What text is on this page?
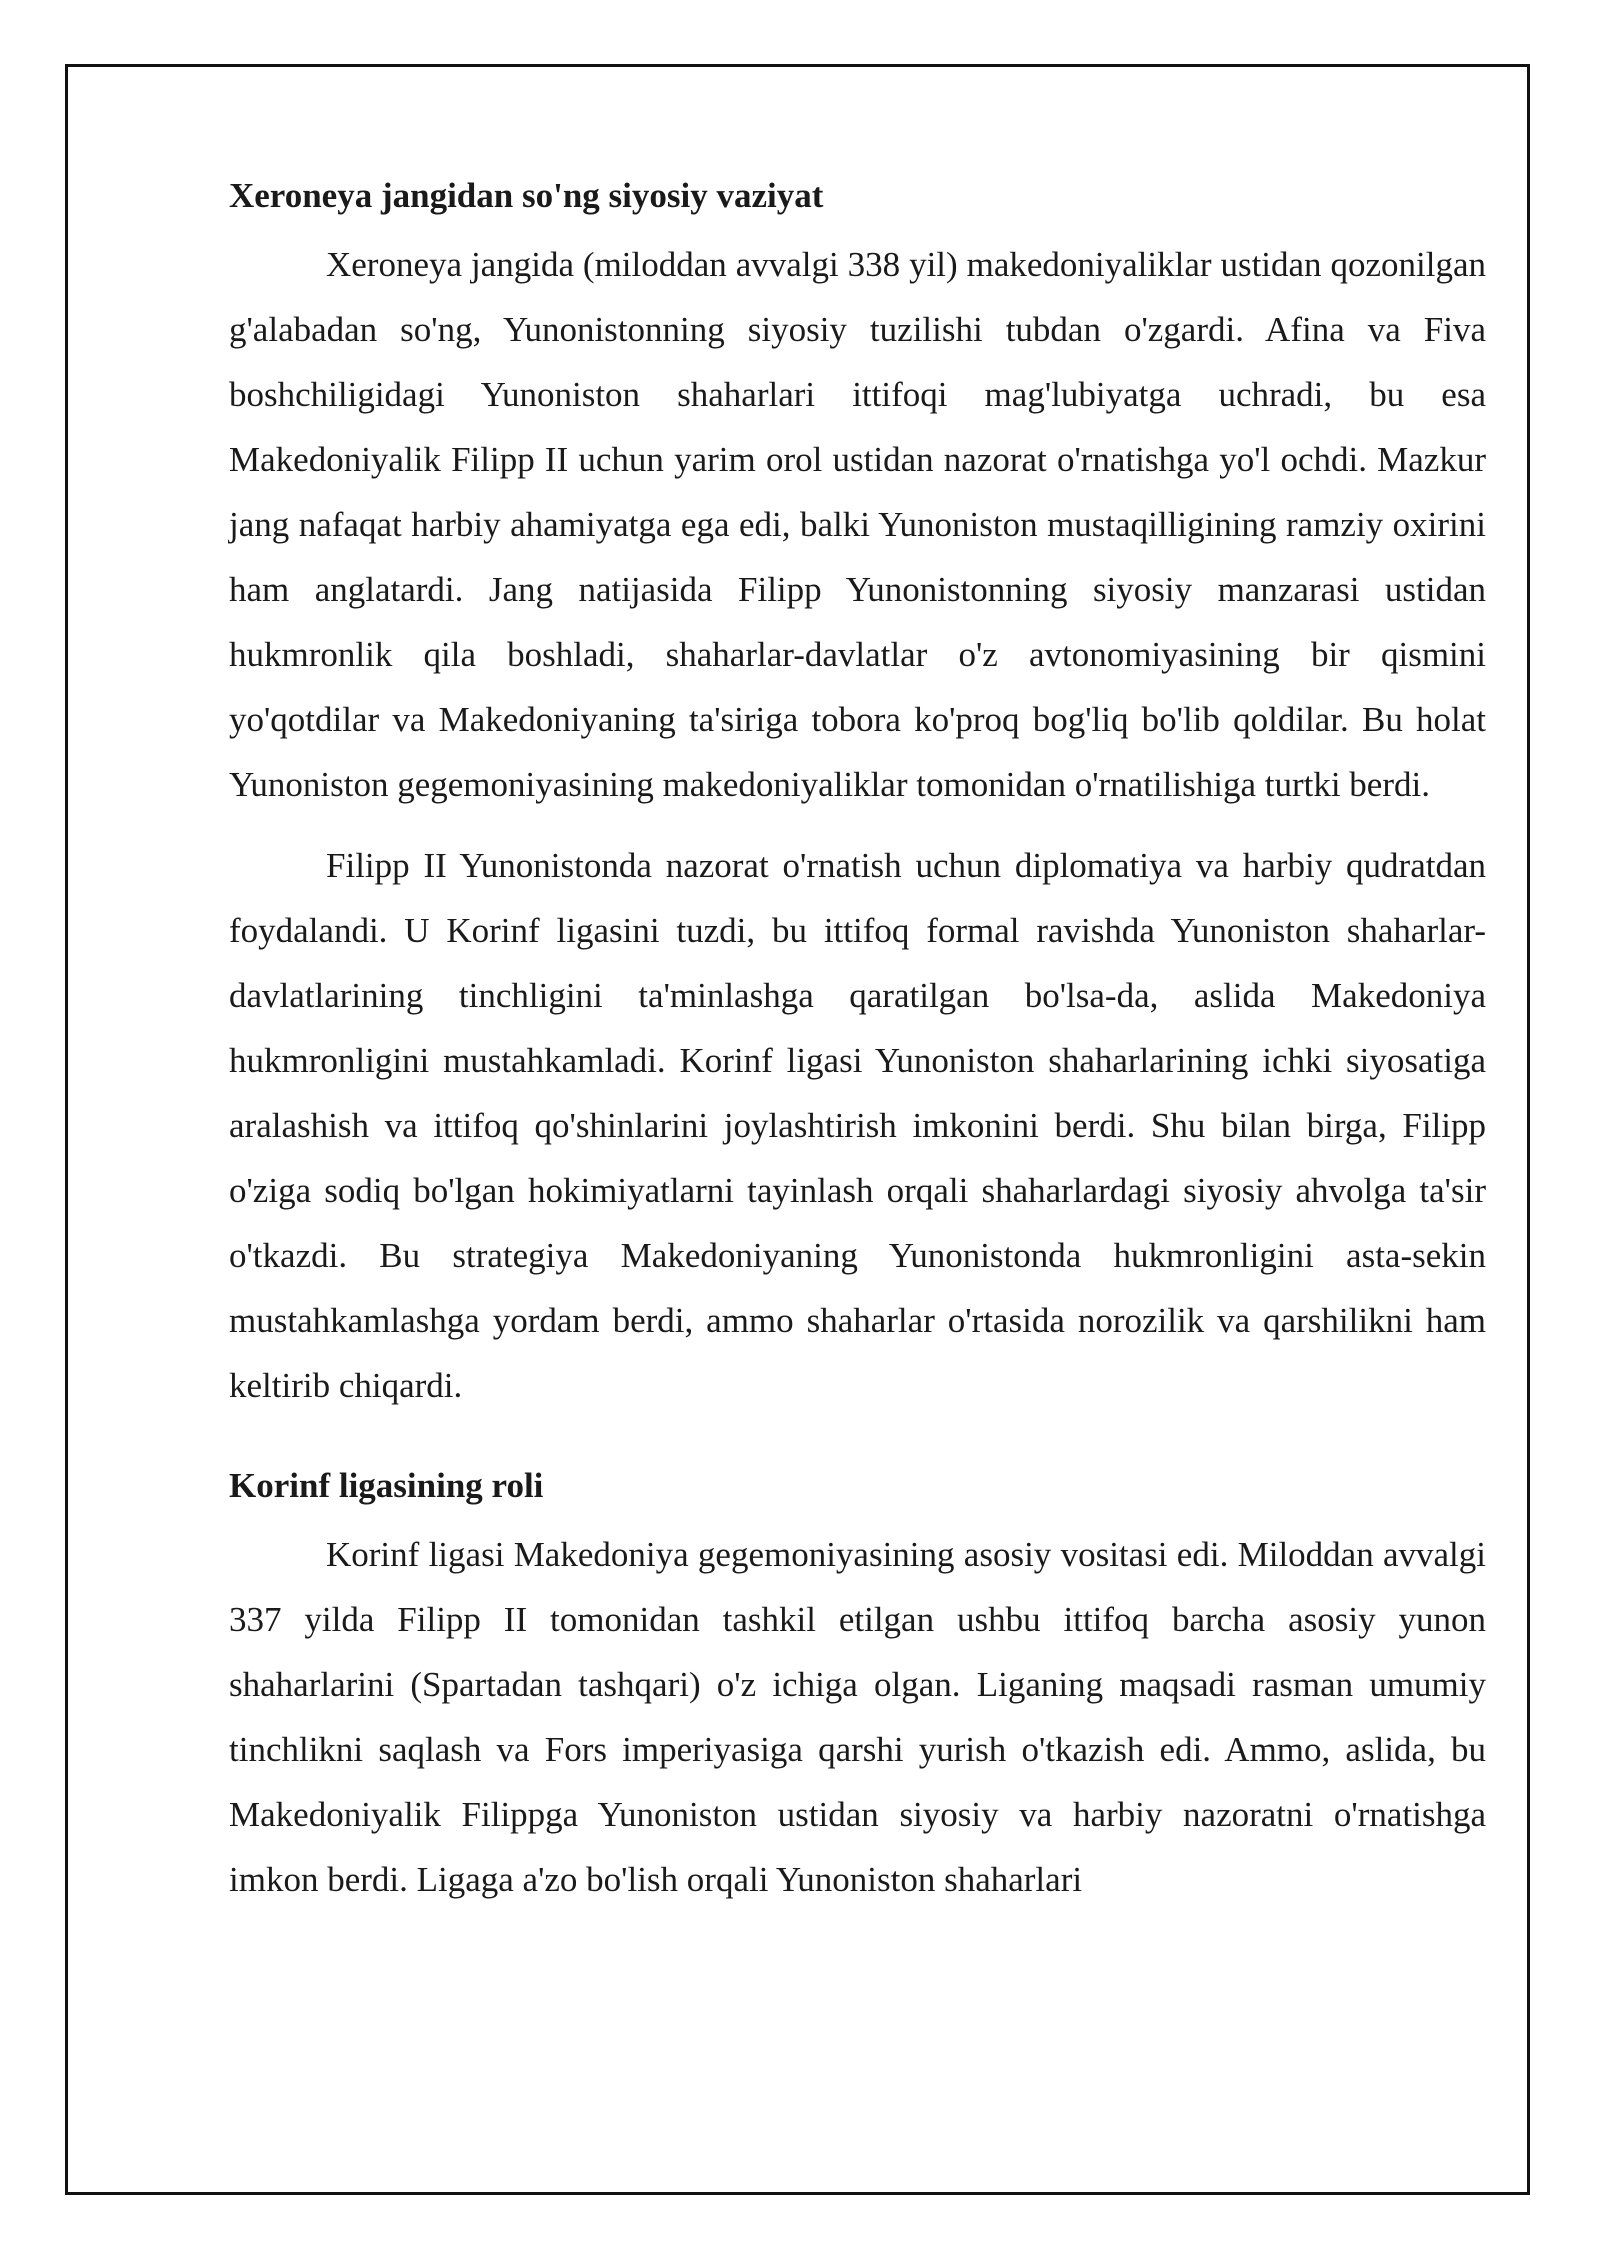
Xeroneya jangidan so'ng siyosiy vaziyat

Xeroneya jangida (miloddan avvalgi 338 yil) makedoniyaliklar ustidan qozonilgan g'alabadan so'ng, Yunonistonning siyosiy tuzilishi tubdan o'zgardi. Afina va Fiva boshchiligidagi Yunoniston shaharlari ittifoqi mag'lubiyatga uchradi, bu esa Makedoniyalik Filipp II uchun yarim orol ustidan nazorat o'rnatishga yo'l ochdi. Mazkur jang nafaqat harbiy ahamiyatga ega edi, balki Yunoniston mustaqilligining ramziy oxirini ham anglatardi. Jang natijasida Filipp Yunonistonning siyosiy manzarasi ustidan hukmronlik qila boshladi, shaharlar-davlatlar o'z avtonomiyasining bir qismini yo'qotdilar va Makedoniyaning ta'siriga tobora ko'proq bog'liq bo'lib qoldilar. Bu holat Yunoniston gegemoniyasining makedoniyaliklar tomonidan o'rnatilishiga turtki berdi.

Filipp II Yunonistonda nazorat o'rnatish uchun diplomatiya va harbiy qudratdan foydalandi. U Korinf ligasini tuzdi, bu ittifoq formal ravishda Yunoniston shaharlar-davlatlarining tinchligini ta'minlashga qaratilgan bo'lsa-da, aslida Makedoniya hukmronligini mustahkamladi. Korinf ligasi Yunoniston shaharlarining ichki siyosatiga aralashish va ittifoq qo'shinlarini joylashtirish imkonini berdi. Shu bilan birga, Filipp o'ziga sodiq bo'lgan hokimiyatlarni tayinlash orqali shaharlardagi siyosiy ahvolga ta'sir o'tkazdi. Bu strategiya Makedoniyaning Yunonistonda hukmronligini asta-sekin mustahkamlashga yordam berdi, ammo shaharlar o'rtasida norozilik va qarshilikni ham keltirib chiqardi.

Korinf ligasining roli

Korinf ligasi Makedoniya gegemoniyasining asosiy vositasi edi. Miloddan avvalgi 337 yilda Filipp II tomonidan tashkil etilgan ushbu ittifoq barcha asosiy yunon shaharlarini (Spartadan tashqari) o'z ichiga olgan. Liganing maqsadi rasman umumiy tinchlikni saqlash va Fors imperiyasiga qarshi yurish o'tkazish edi. Ammo, aslida, bu Makedoniyalik Filippga Yunoniston ustidan siyosiy va harbiy nazoratni o'rnatishga imkon berdi. Ligaga a'zo bo'lish orqali Yunoniston shaharlari
